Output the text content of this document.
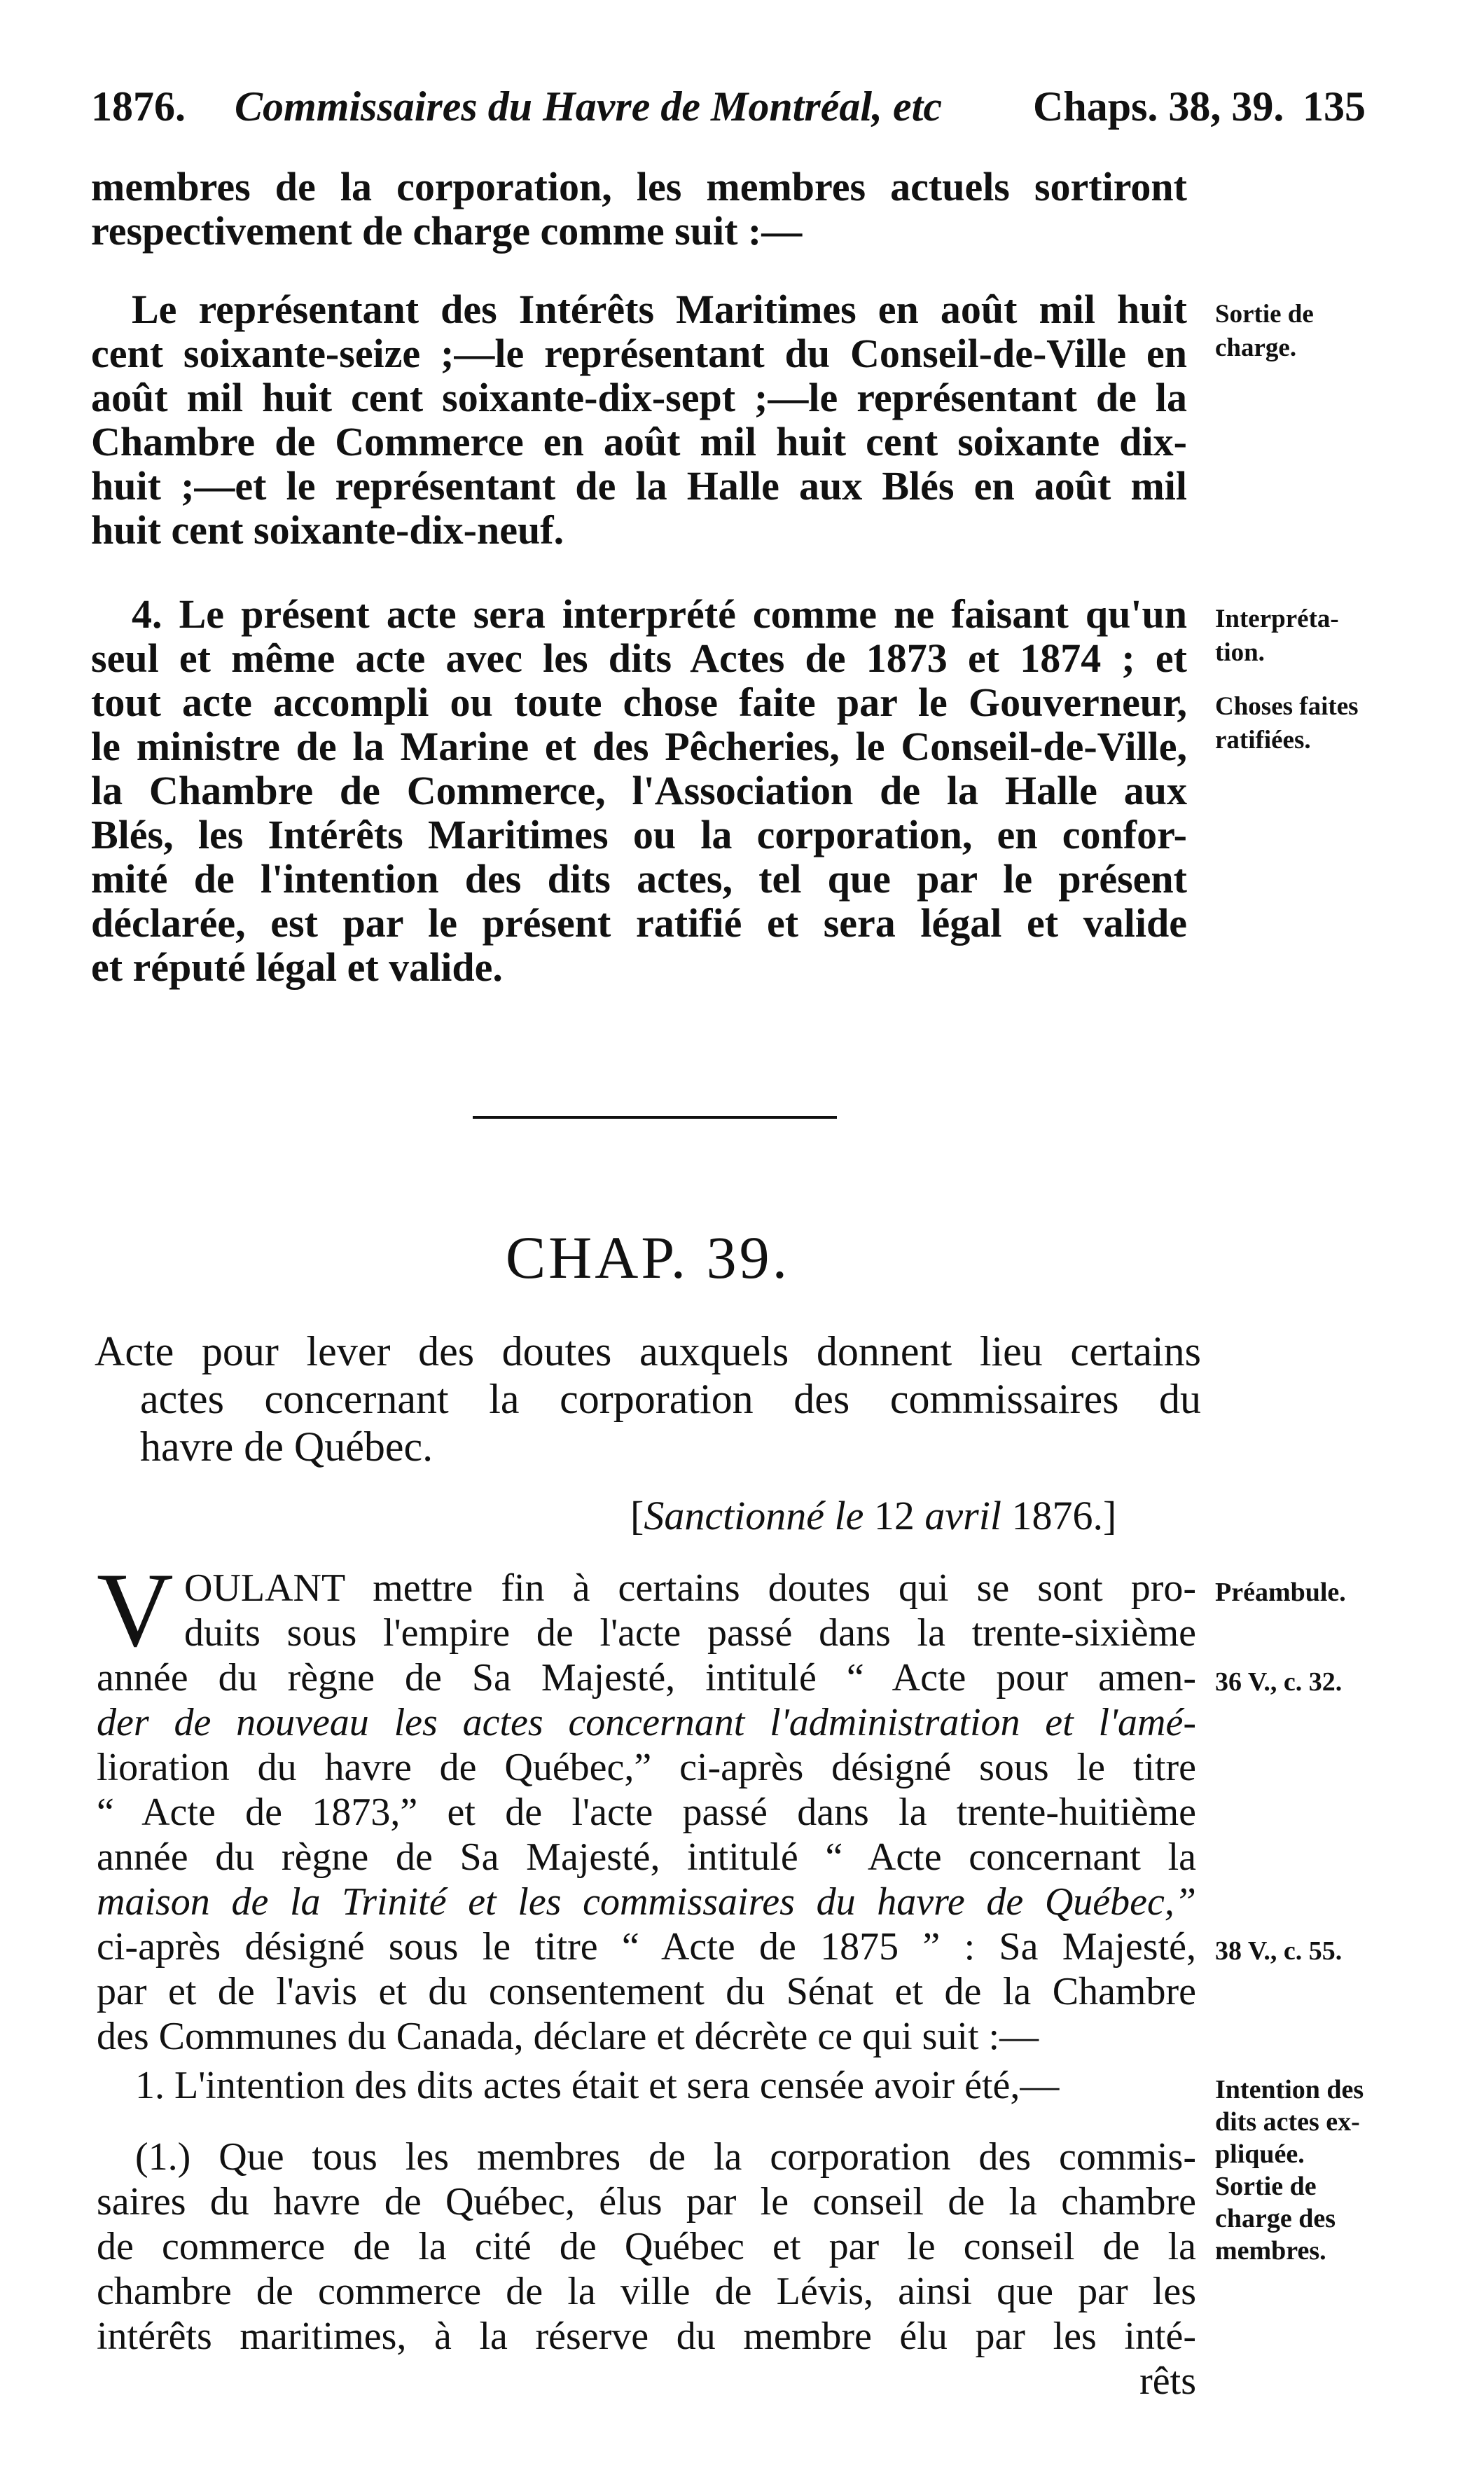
1876. Commissaires du Havre de Montréal, etc Chaps. 38, 39. 135
membres de la corporation, les membres actuels sortiront
respectivement de charge comme suit :—
Le représentant des Intérêts Maritimes en août mil huit
cent soixante-seize ;—le représentant du Conseil-de-Ville en
août mil huit cent soixante-dix-sept ;—le représentant de la
Chambre de Commerce en août mil huit cent soixante dix-
huit ;—et le représentant de la Halle aux Blés en août mil
huit cent soixante-dix-neuf.
Sortie de
charge.
4. Le présent acte sera interprété comme ne faisant qu'un
seul et même acte avec les dits Actes de 1873 et 1874 ; et
tout acte accompli ou toute chose faite par le Gouverneur,
le ministre de la Marine et des Pêcheries, le Conseil-de-Ville,
la Chambre de Commerce, l'Association de la Halle aux
Blés, les Intérêts Maritimes ou la corporation, en confor-
mité de l'intention des dits actes, tel que par le présent
déclarée, est par le présent ratifié et sera légal et valide
et réputé légal et valide.
Interpréta-
tion.
Choses faites
ratifiées.
CHAP. 39.
Acte pour lever des doutes auxquels donnent lieu certains
actes concernant la corporation des commissaires du
havre de Québec.
[Sanctionné le 12 avril 1876.]
V OULANT mettre fin à certains doutes qui se sont pro-
duits sous l'empire de l'acte passé dans la trente-sixième
année du règne de Sa Majesté, intitulé “ Acte pour amen-
der de nouveau les actes concernant l'administration et l'amé-
lioration du havre de Québec,” ci-après désigné sous le titre
“ Acte de 1873,” et de l'acte passé dans la trente-huitième
année du règne de Sa Majesté, intitulé “ Acte concernant la
maison de la Trinité et les commissaires du havre de Québec,”
ci-après désigné sous le titre “ Acte de 1875 ” : Sa Majesté,
par et de l'avis et du consentement du Sénat et de la Chambre
des Communes du Canada, déclare et décrète ce qui suit :—
Préambule.
36 V., c. 32.
38 V., c. 55.
1. L'intention des dits actes était et sera censée avoir été,—
(1.) Que tous les membres de la corporation des commis-
saires du havre de Québec, élus par le conseil de la chambre
de commerce de la cité de Québec et par le conseil de la
chambre de commerce de la ville de Lévis, ainsi que par les
intérêts maritimes, à la réserve du membre élu par les inté-
rêts
Intention des
dits actes ex-
pliquée.
Sortie de
charge des
membres.
